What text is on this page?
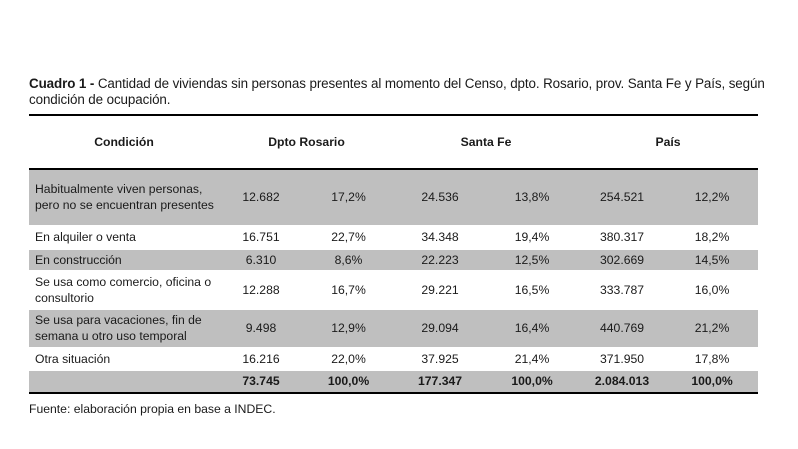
Cuadro 1 - Cantidad de viviendas sin personas presentes al momento del Censo, dpto. Rosario, prov. Santa Fe y País, según condición de ocupación.
Condición	Dpto Rosario		Santa Fe		País	
Habitualmente viven personas, pero no se encuentran presentes	12.682	17,2%	24.536	13,8%	254.521	12,2%
En alquiler o venta	16.751	22,7%	34.348	19,4%	380.317	18,2%
En construcción	6.310	8,6%	22.223	12,5%	302.669	14,5%
Se usa como comercio, oficina o consultorio	12.288	16,7%	29.221	16,5%	333.787	16,0%
Se usa para vacaciones, fin de semana u otro uso temporal	9.498	12,9%	29.094	16,4%	440.769	21,2%
Otra situación	16.216	22,0%	37.925	21,4%	371.950	17,8%
	73.745	100,0%	177.347	100,0%	2.084.013	100,0%
Fuente: elaboración propia en base a INDEC.
